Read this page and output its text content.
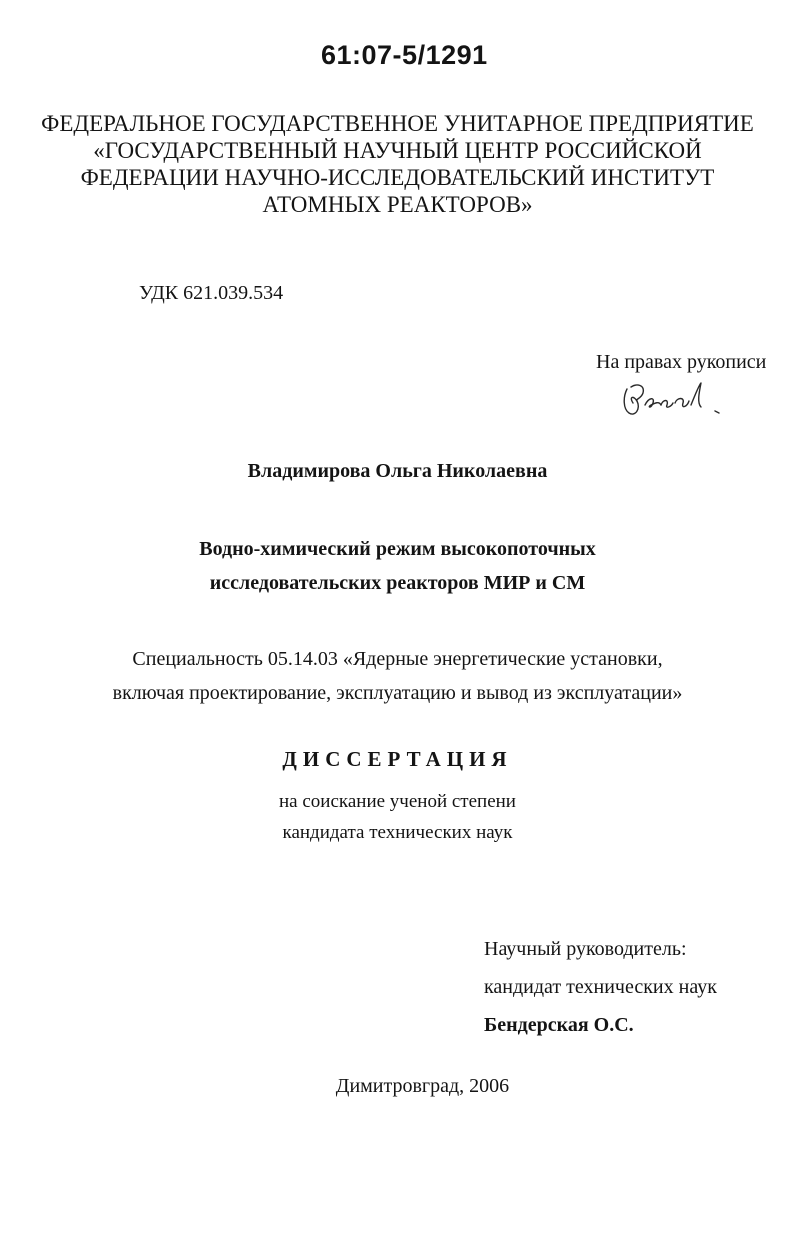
61:07-5/1291
ФЕДЕРАЛЬНОЕ ГОСУДАРСТВЕННОЕ УНИТАРНОЕ ПРЕДПРИЯТИЕ
«ГОСУДАРСТВЕННЫЙ НАУЧНЫЙ ЦЕНТР РОССИЙСКОЙ
ФЕДЕРАЦИИ НАУЧНО-ИССЛЕДОВАТЕЛЬСКИЙ ИНСТИТУТ
АТОМНЫХ РЕАКТОРОВ»
УДК 621.039.534
На правах рукописи
Владимирова Ольга Николаевна
Водно-химический режим высокопоточных
исследовательских реакторов МИР и СМ
Специальность 05.14.03 «Ядерные энергетические установки,
включая проектирование, эксплуатацию и вывод из эксплуатации»
ДИССЕРТАЦИЯ
на соискание ученой степени
кандидата технических наук
Научный руководитель:
кандидат технических наук
Бендерская О.С.
Димитровград, 2006
